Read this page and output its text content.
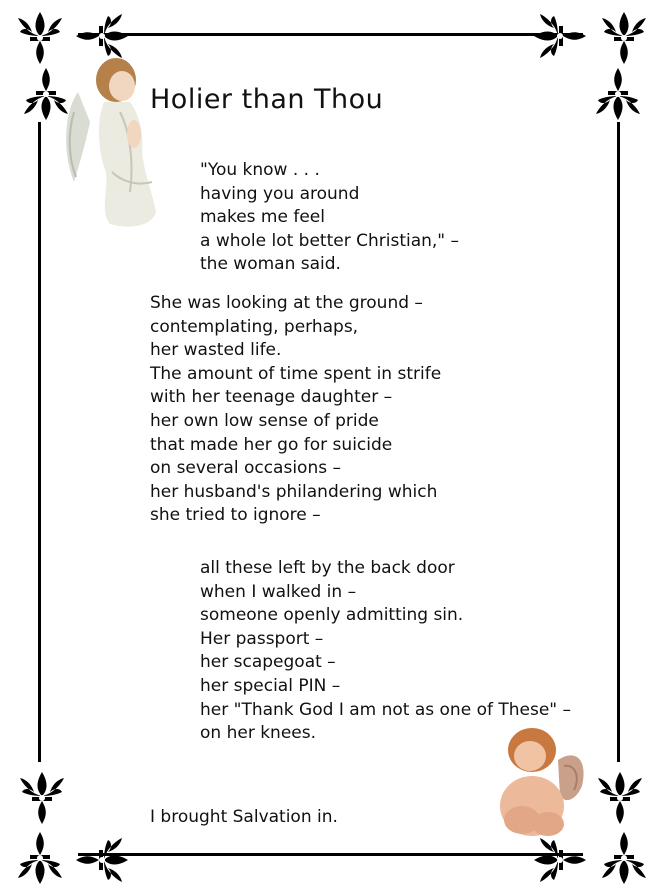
Holier than Thou
"You know . . .
having you around
makes me feel
a whole lot better Christian," –
the woman said.
She was looking at the ground –
contemplating, perhaps,
her wasted life.
The amount of time spent in strife
with her teenage daughter –
her own low sense of pride
that made her go for suicide
on several occasions –
her husband's philandering which
she tried to ignore –
all these left by the back door
when I walked in –
someone openly admitting sin.
Her passport –
her scapegoat –
her special PIN –
her "Thank God I am not as one of These" –
on her knees.
I brought Salvation in.
